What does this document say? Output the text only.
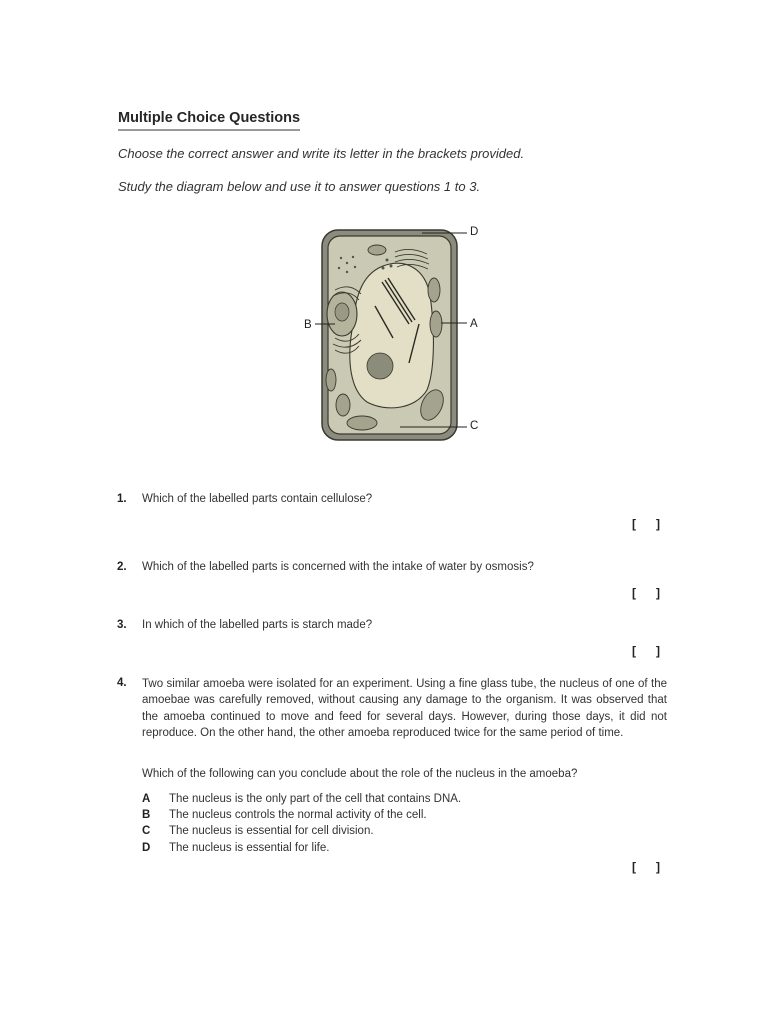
Multiple Choice Questions
Choose the correct answer and write its letter in the brackets provided.
Study the diagram below and use it to answer questions 1 to 3.
D
A
C
B
1. Which of the labelled parts contain cellulose?
[ ]
2. Which of the labelled parts is concerned with the intake of water by osmosis?
[ ]
3. In which of the labelled parts is starch made?
[ ]
4. Two similar amoeba were isolated for an experiment. Using a fine glass tube, the nucleus of one of the amoebae was carefully removed, without causing any damage to the organism. It was observed that the amoeba continued to move and feed for several days. However, during those days, it did not reproduce. On the other hand, the other amoeba reproduced twice for the same period of time.
Which of the following can you conclude about the role of the nucleus in the amoeba?
A The nucleus is the only part of the cell that contains DNA.
B The nucleus controls the normal activity of the cell.
C The nucleus is essential for cell division.
D The nucleus is essential for life.
[ ]
